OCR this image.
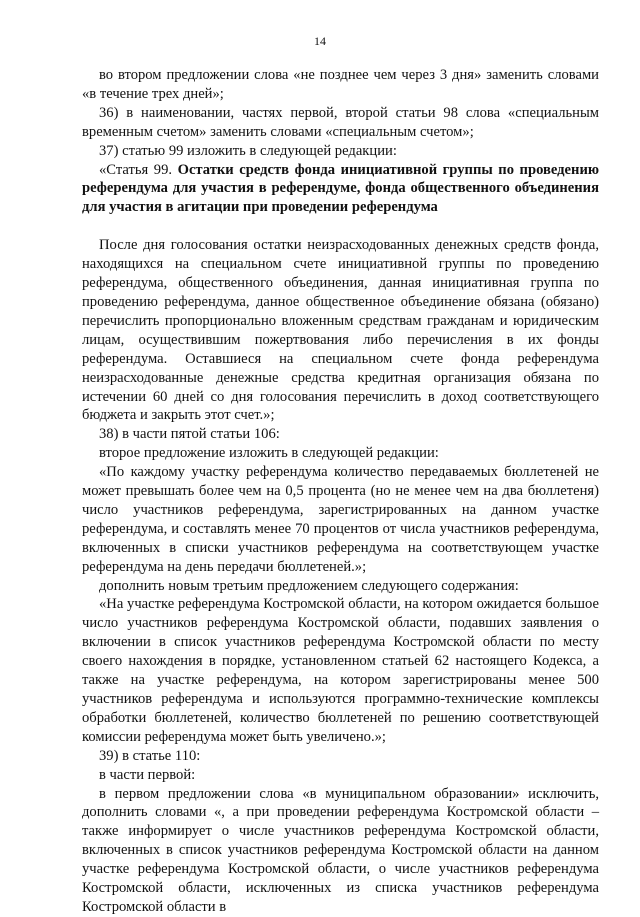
14

во втором предложении слова «не позднее чем через 3 дня» заменить словами «в течение трех дней»;

36) в наименовании, частях первой, второй статьи 98 слова «специальным временным счетом» заменить словами «специальным счетом»;

37) статью 99 изложить в следующей редакции:

«Статья 99. Остатки средств фонда инициативной группы по проведению референдума для участия в референдуме, фонда общественного объединения для участия в агитации при проведении референдума

После дня голосования остатки неизрасходованных денежных средств фонда, находящихся на специальном счете инициативной группы по проведению референдума, общественного объединения, данная инициативная группа по проведению референдума, данное общественное объединение обязана (обязано) перечислить пропорционально вложенным средствам гражданам и юридическим лицам, осуществившим пожертвования либо перечисления в их фонды референдума. Оставшиеся на специальном счете фонда референдума неизрасходованные денежные средства кредитная организация обязана по истечении 60 дней со дня голосования перечислить в доход соответствующего бюджета и закрыть этот счет.»;

38) в части пятой статьи 106:

второе предложение изложить в следующей редакции:

«По каждому участку референдума количество передаваемых бюллетеней не может превышать более чем на 0,5 процента (но не менее чем на два бюллетеня) число участников референдума, зарегистрированных на данном участке референдума, и составлять менее 70 процентов от числа участников референдума, включенных в списки участников референдума на соответствующем участке референдума на день передачи бюллетеней.»;

дополнить новым третьим предложением следующего содержания:

«На участке референдума Костромской области, на котором ожидается большое число участников референдума Костромской области, подавших заявления о включении в список участников референдума Костромской области по месту своего нахождения в порядке, установленном статьей 62 настоящего Кодекса, а также на участке референдума, на котором зарегистрированы менее 500 участников референдума и используются программно-технические комплексы обработки бюллетеней, количество бюллетеней по решению соответствующей комиссии референдума может быть увеличено.»;

39) в статье 110:

в части первой:

в первом предложении слова «в муниципальном образовании» исключить, дополнить словами «, а при проведении референдума Костромской области – также информирует о числе участников референдума Костромской области, включенных в список участников референдума Костромской области на данном участке референдума Костромской области, о числе участников референдума Костромской области, исключенных из списка участников референдума Костромской области в
